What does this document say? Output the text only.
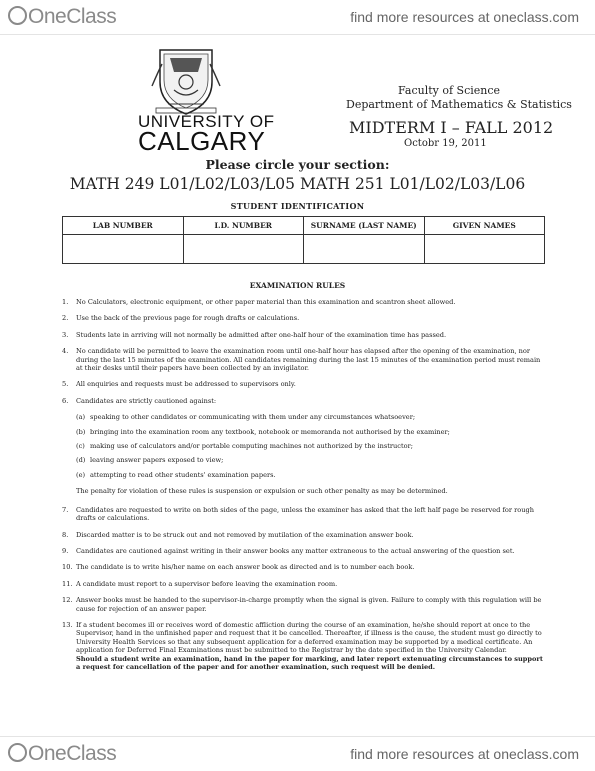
OneClass	find more resources at oneclass.com
UNIVERSITY OF
CALGARY
Faculty of Science
Department of Mathematics & Statistics
MIDTERM I – FALL 2012
Octobr 19, 2011
Please circle your section:
MATH 249 L01/L02/L03/L05 MATH 251 L01/L02/L03/L06
STUDENT IDENTIFICATION
LAB NUMBER	I.D. NUMBER	SURNAME (LAST NAME)	GIVEN NAMES

EXAMINATION RULES
1. No Calculators, electronic equipment, or other paper material than this examination and scantron sheet allowed.
2. Use the back of the previous page for rough drafts or calculations.
3. Students late in arriving will not normally be admitted after one-half hour of the examination time has passed.
4. No candidate will be permitted to leave the examination room until one-half hour has elapsed after the opening of the examination, nor during the last 15 minutes of the examination. All candidates remaining during the last 15 minutes of the examination period must remain at their desks until their papers have been collected by an invigilator.
5. All enquiries and requests must be addressed to supervisors only.
6. Candidates are strictly cautioned against:
(a) speaking to other candidates or communicating with them under any circumstances whatsoever;
(b) bringing into the examination room any textbook, notebook or memoranda not authorised by the examiner;
(c) making use of calculators and/or portable computing machines not authorized by the instructor;
(d) leaving answer papers exposed to view;
(e) attempting to read other students' examination papers.
The penalty for violation of these rules is suspension or expulsion or such other penalty as may be determined.
7. Candidates are requested to write on both sides of the page, unless the examiner has asked that the left half page be reserved for rough drafts or calculations.
8. Discarded matter is to be struck out and not removed by mutilation of the examination answer book.
9. Candidates are cautioned against writing in their answer books any matter extraneous to the actual answering of the question set.
10. The candidate is to write his/her name on each answer book as directed and is to number each book.
11. A candidate must report to a supervisor before leaving the examination room.
12. Answer books must be handed to the supervisor-in-charge promptly when the signal is given. Failure to comply with this regulation will be cause for rejection of an answer paper.
13. If a student becomes ill or receives word of domestic affliction during the course of an examination, he/she should report at once to the Supervisor, hand in the unfinished paper and request that it be cancelled. Thereafter, if illness is the cause, the student must go directly to University Health Services so that any subsequent application for a deferred examination may be supported by a medical certificate. An application for Deferred Final Examinations must be submitted to the Registrar by the date specified in the University Calendar.
Should a student write an examination, hand in the paper for marking, and later report extenuating circumstances to support a request for cancellation of the paper and for another examination, such request will be denied.
OneClass	find more resources at oneclass.com
